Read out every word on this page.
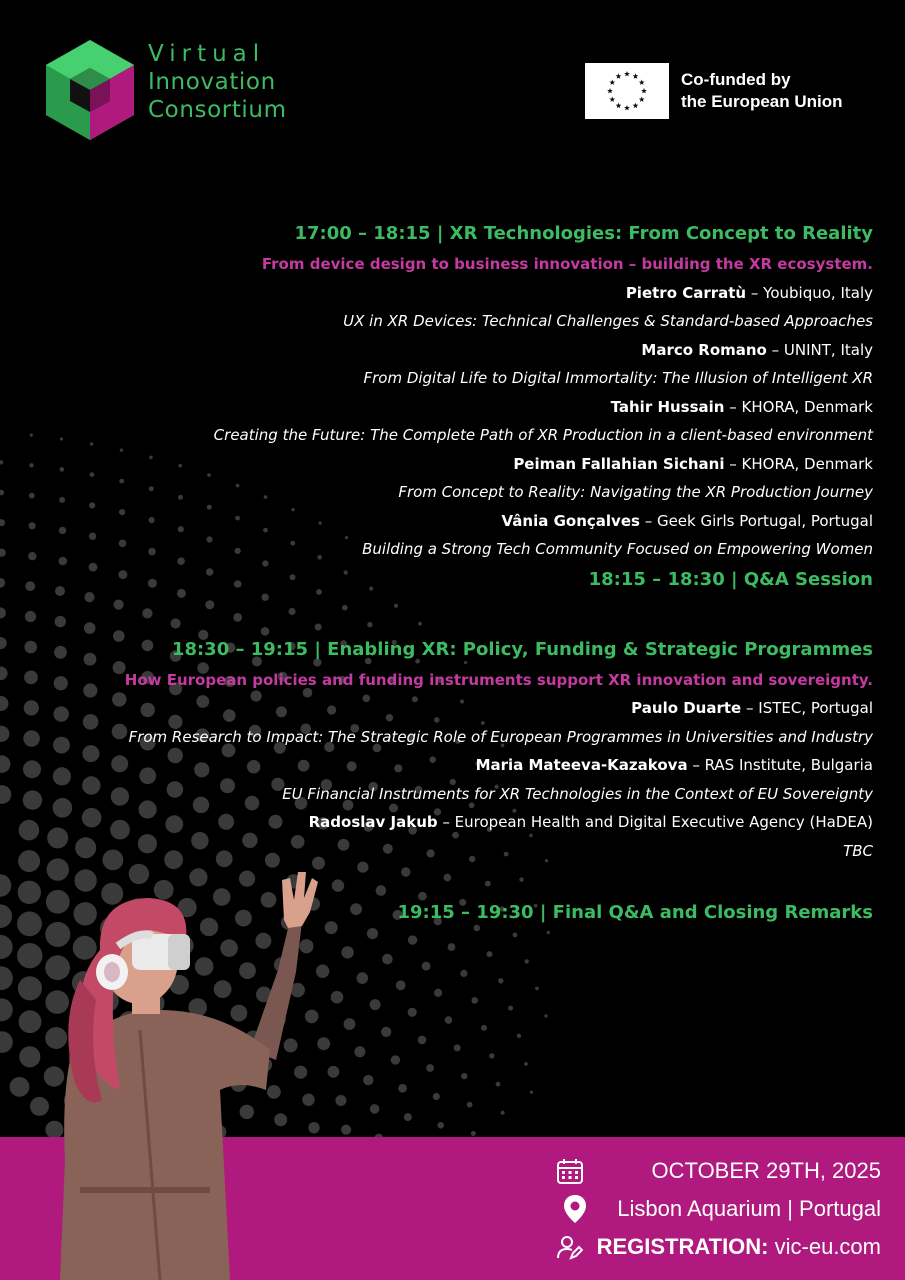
Virtual
Innovation
Consortium
Co-funded by
the European Union
17:00 – 18:15 | XR Technologies: From Concept to Reality
From device design to business innovation – building the XR ecosystem.
Pietro Carratù – Youbiquo, Italy
UX in XR Devices: Technical Challenges & Standard-based Approaches
Marco Romano – UNINT, Italy
From Digital Life to Digital Immortality: The Illusion of Intelligent XR
Tahir Hussain – KHORA, Denmark
Creating the Future: The Complete Path of XR Production in a client-based environment
Peiman Fallahian Sichani – KHORA, Denmark
From Concept to Reality: Navigating the XR Production Journey
Vânia Gonçalves – Geek Girls Portugal, Portugal
Building a Strong Tech Community Focused on Empowering Women
18:15 – 18:30 | Q&A Session
18:30 – 19:15 | Enabling XR: Policy, Funding & Strategic Programmes
How European policies and funding instruments support XR innovation and sovereignty.
Paulo Duarte – ISTEC, Portugal
From Research to Impact: The Strategic Role of European Programmes in Universities and Industry
Maria Mateeva-Kazakova – RAS Institute, Bulgaria
EU Financial Instruments for XR Technologies in the Context of EU Sovereignty
Radoslav Jakub – European Health and Digital Executive Agency (HaDEA)
TBC
19:15 – 19:30 | Final Q&A and Closing Remarks
OCTOBER 29TH, 2025
Lisbon Aquarium | Portugal
REGISTRATION: vic-eu.com
